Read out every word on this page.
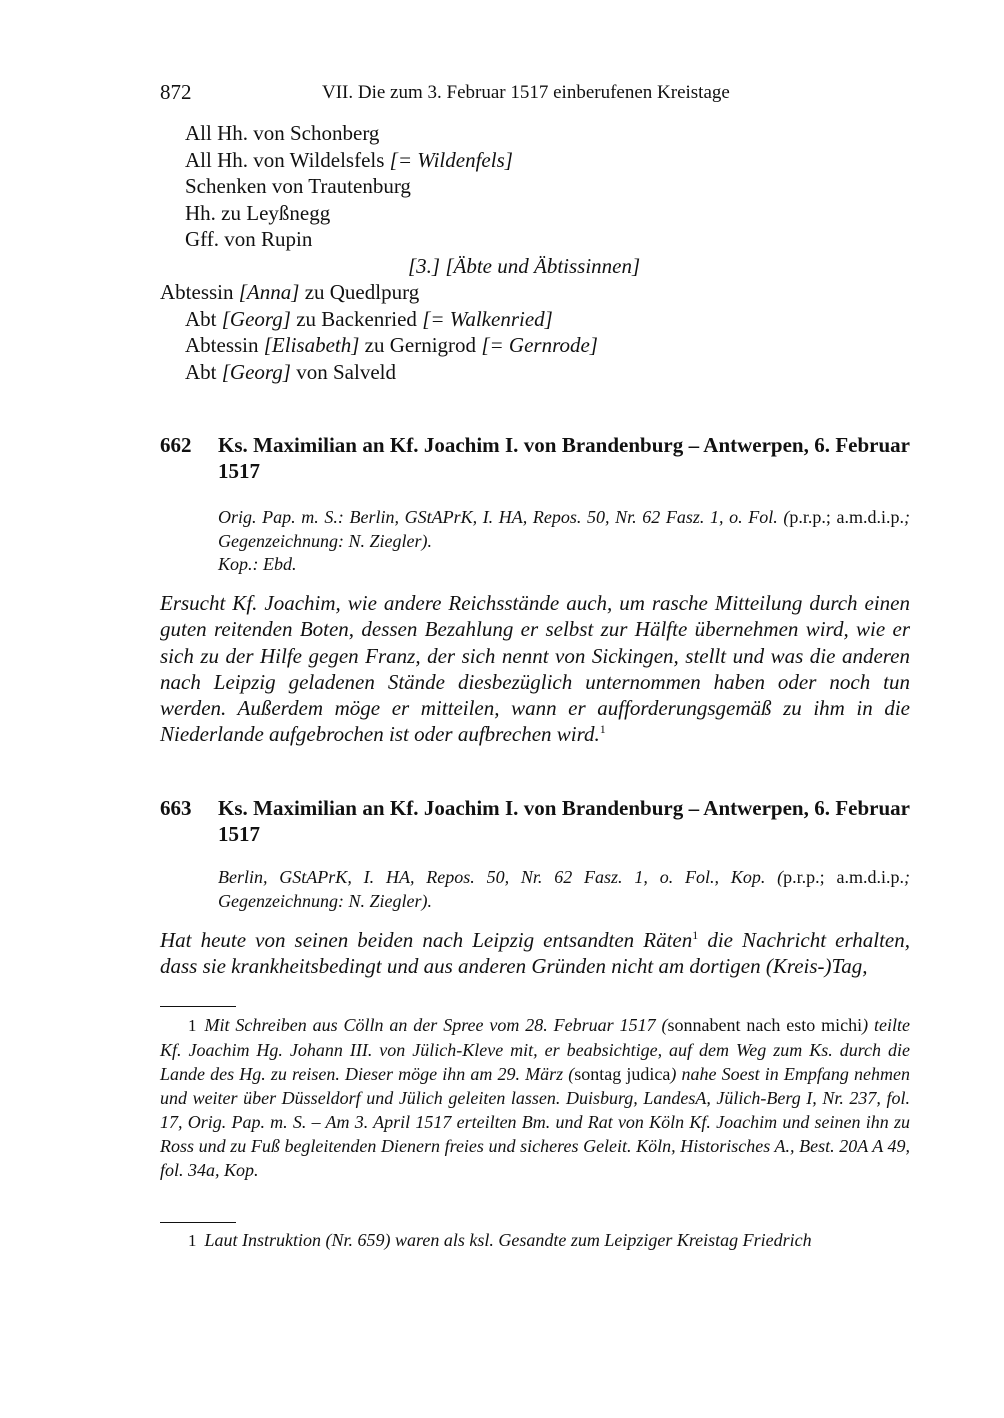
872	VII. Die zum 3. Februar 1517 einberufenen Kreistage
All Hh. von Schonberg
All Hh. von Wildelsfels [= Wildenfels]
Schenken von Trautenburg
Hh. zu Leyßnegg
Gff. von Rupin
[3.] [Äbte und Äbtissinnen]
Abtessin [Anna] zu Quedlpurg
Abt [Georg] zu Backenried [= Walkenried]
Abtessin [Elisabeth] zu Gernigrod [= Gernrode]
Abt [Georg] von Salveld
662 Ks. Maximilian an Kf. Joachim I. von Brandenburg – Antwerpen, 6. Februar 1517
Orig. Pap. m. S.: Berlin, GStAPrK, I. HA, Repos. 50, Nr. 62 Fasz. 1, o. Fol. (p.r.p.; a.m.d.i.p.; Gegenzeichnung: N. Ziegler).
Kop.: Ebd.
Ersucht Kf. Joachim, wie andere Reichsstände auch, um rasche Mitteilung durch einen guten reitenden Boten, dessen Bezahlung er selbst zur Hälfte übernehmen wird, wie er sich zu der Hilfe gegen Franz, der sich nennt von Sickingen, stellt und was die anderen nach Leipzig geladenen Stände diesbezüglich unternommen haben oder noch tun werden. Außerdem möge er mitteilen, wann er aufforderungsgemäß zu ihm in die Niederlande aufgebrochen ist oder aufbrechen wird.$^1$
663 Ks. Maximilian an Kf. Joachim I. von Brandenburg – Antwerpen, 6. Februar 1517
Berlin, GStAPrK, I. HA, Repos. 50, Nr. 62 Fasz. 1, o. Fol., Kop. (p.r.p.; a.m.d.i.p.; Gegenzeichnung: N. Ziegler).
Hat heute von seinen beiden nach Leipzig entsandten Räten$^1$ die Nachricht erhalten, dass sie krankheitsbedingt und aus anderen Gründen nicht am dortigen (Kreis-)Tag,
1 Mit Schreiben aus Cölln an der Spree vom 28. Februar 1517 (sonnabent nach esto michi) teilte Kf. Joachim Hg. Johann III. von Jülich-Kleve mit, er beabsichtige, auf dem Weg zum Ks. durch die Lande des Hg. zu reisen. Dieser möge ihn am 29. März (sontag judica) nahe Soest in Empfang nehmen und weiter über Düsseldorf und Jülich geleiten lassen. Duisburg, LandesA, Jülich-Berg I, Nr. 237, fol. 17, Orig. Pap. m. S. – Am 3. April 1517 erteilten Bm. und Rat von Köln Kf. Joachim und seinen ihn zu Ross und zu Fuß begleitenden Dienern freies und sicheres Geleit. Köln, Historisches A., Best. 20A A 49, fol. 34a, Kop.
1 Laut Instruktion (Nr. 659) waren als ksl. Gesandte zum Leipziger Kreistag Friedrich
